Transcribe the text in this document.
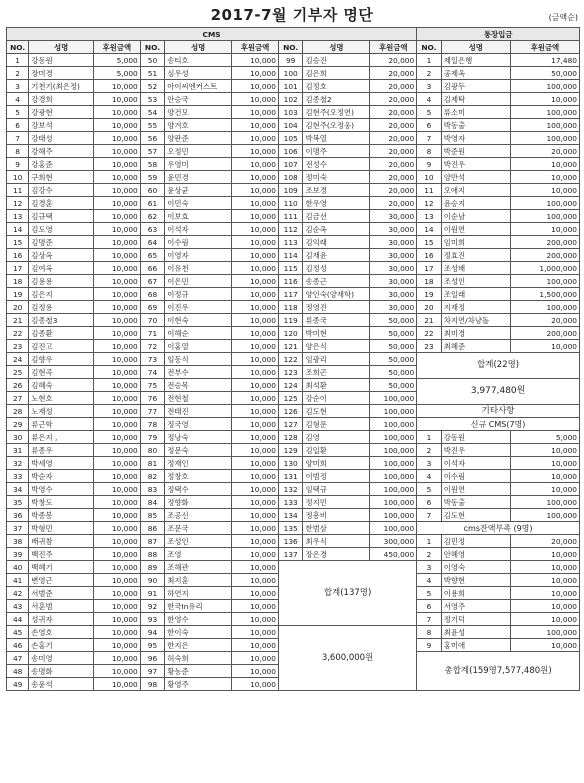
2017-7월 기부자 명단	(금액순)
CMS									통장입금		
NO.	성명	후원금액	NO.	성명	후원금액	NO.	성명	후원금액	NO.	성명	후원금액
1	강동원	5,000	50	송티호	10,000	99	김승진	20,000	1	제일은행	17,480
2	장미경	5,000	51	심우성	10,000	100	김은희	20,000	2	공제옥	50,000
3	기천기(최은정)	10,000	52	아이씨엔커스트	10,000	101	김정호	20,000	3	김광두	100,000
4	강경희	10,000	53	안승국	10,000	102	김종철2	20,000	4	김제탁	10,000
5	강광현	10,000	54	양건모	10,000	103	김현주(오정연)	20,000	5	류소미	100,000
6	강보석	10,000	55	양겨호	10,000	104	김현주(오정웅)	20,000	6	박동출	100,000
7	강태성	10,000	56	양판준	10,000	105	박복열	20,000	7	박영자	100,000
8	강해주	10,000	57	오정민	10,000	106	이명주	20,000	8	박준원	20,000
9	강홍준	10,000	58	우영미	10,000	107	전성수	20,000	9	박진우	10,000
10	구희현	10,000	59	윤민경	10,000	108	정미숙	20,000	10	양만석	10,000
11	김강수	10,000	60	윤상균	10,000	109	조보경	20,000	11	오애지	10,000
12	김경훈	10,000	61	이민숙	10,000	110	한우영	20,000	12	윤승지	100,000
13	김규택	10,000	62	이보효	10,000	111	김금선	30,000	13	이순남	100,000
14	김도영	10,000	63	이석자	10,000	112	김순옥	30,000	14	이원연	10,000
15	김명준	10,000	64	이수림	10,000	113	김익래	30,000	15	임미희	200,000
16	김상옥	10,000	65	이영자	10,000	114	김재윤	30,000	16	정효진	200,000
17	김여옥	10,000	66	이유천	10,000	115	김정성	30,000	17	조성배	1,000,000
18	김용용	10,000	67	이은민	10,000	116	송종근	30,000	18	조성인	100,000
19	김은지	10,000	68	이정규	10,000	117	양인숙(양재학)	30,000	19	조일래	1,500,000
20	김정용	10,000	69	이진우	10,000	118	정영진	30,000	20	지재정	100,000
21	김종철3	10,000	70	이현숙	10,000	119	류종국	50,000	21	차지연/차냥돌	20,000
22	김종환	10,000	71	이해순	10,000	120	박미현	50,000	22	최미경	200,000
23	김진고	10,000	72	이홍열	10,000	121	양은식	50,000	23	최혜준	10,000
24	김향우	10,000	73	임동식	10,000	122	임광리	50,000	합계(22명)		
25	김현곡	10,000	74	전부수	10,000	123	조희곤	50,000			
26	김혜숙	10,000	75	전승목	10,000	124	최석환	50,000	3,977,480원		
27	노현호	10,000	76	전현철	10,000	125	강순이	100,000			
28	노재성	10,000	77	전태진	10,000	126	김도현	100,000	기타사항		
29	류근학	10,000	78	정국영	10,000	127	김형문	100,000	신규 CMS(7명)		
30	류은지 ,	10,000	79	정낭숙	10,000	128	김영	100,000	1	강동원	5,000
31	류종우	10,000	80	정문숙	10,000	129	김일환	100,000	2	박진우	10,000
32	박세영	10,000	81	정재인	10,000	130	양미희	100,000	3	이석자	10,000
33	박순자	10,000	82	정창호	10,000	131	이범정	100,000	4	이수림	10,000
34	박영수	10,000	83	정택수	10,000	132	임택규	100,000	5	이원연	10,000
35	박창도	10,000	84	정향화	10,000	133	정지민	100,000	6	박동출	100,000
36	박종봉	10,000	85	조공신	10,000	134	정흥비	100,000	7	김도현	100,000
37	박형민	10,000	86	조문국	10,000	135	한범삼	100,000	cms잔액부족 (9명)		
38	배귀참	10,000	87	조성인	10,000	136	최우식	300,000	1	김민정	20,000
39	백진주	10,000	88	조영	10,000	137	장은경	450,000	2	안혜영	10,000
40	백혜기	10,000	89	조해관	10,000	합계(137명)			3	이영숙	10,000
41	변영근	10,000	90	최지훈	10,000				4	박향현	10,000
42	서범준	10,000	91	하연지	10,000				5	이용희	10,000
43	서훈범	10,000	92	한국In유리	10,000				6	서영주	10,000
44	성귀자	10,000	93	한영수	10,000				7	정기덕	10,000
45	손영호	10,000	94	한이숙	10,000	3,600,000원			8	최윤성	100,000
46	손홍기	10,000	95	한지은	10,000				9	홍미애	10,000
47	송미영	10,000	96	허숙희	10,000				총합계(159명7,577,480원)		
48	송명화	10,000	97	황농준	10,000						
49	송윤석	10,000	98	황영주	10,000						
